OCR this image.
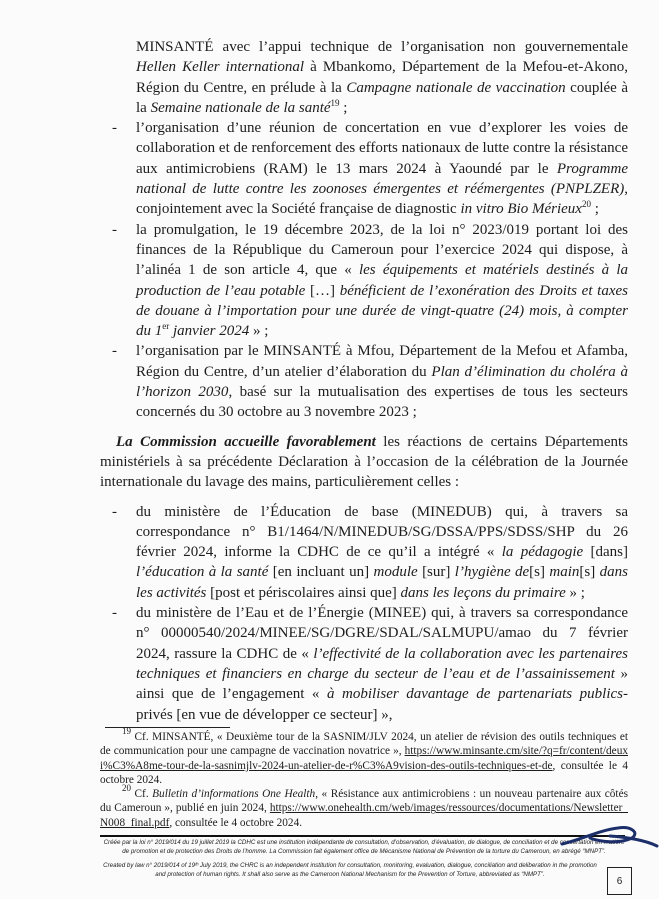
MINSANTÉ avec l’appui technique de l’organisation non gouvernementale Hellen Keller international à Mbankomo, Département de la Mefou-et-Akono, Région du Centre, en prélude à la Campagne nationale de vaccination couplée à la Semaine nationale de la santé$^{19}$ ;
- l’organisation d’une réunion de concertation en vue d’explorer les voies de collaboration et de renforcement des efforts nationaux de lutte contre la résistance aux antimicrobiens (RAM) le 13 mars 2024 à Yaoundé par le Programme national de lutte contre les zoonoses émergentes et réémergentes (PNPLZER), conjointement avec la Société française de diagnostic in vitro Bio Mérieux$^{20}$ ;
- la promulgation, le 19 décembre 2023, de la loi n° 2023/019 portant loi des finances de la République du Cameroun pour l’exercice 2024 qui dispose, à l’alinéa 1 de son article 4, que « les équipements et matériels destinés à la production de l’eau potable […] bénéficient de l’exonération des Droits et taxes de douane à l’importation pour une durée de vingt-quatre (24) mois, à compter du 1er janvier 2024 » ;
- l’organisation par le MINSANTÉ à Mfou, Département de la Mefou et Afamba, Région du Centre, d’un atelier d’élaboration du Plan d’élimination du choléra à l’horizon 2030, basé sur la mutualisation des expertises de tous les secteurs concernés du 30 octobre au 3 novembre 2023 ;
La Commission accueille favorablement les réactions de certains Départements ministériels à sa précédente Déclaration à l’occasion de la célébration de la Journée internationale du lavage des mains, particulièrement celles :
- du ministère de l’Éducation de base (MINEDUB) qui, à travers sa correspondance n° B1/1464/N/MINEDUB/SG/DSSA/PPS/SDSS/SHP du 26 février 2024, informe la CDHC de ce qu’il a intégré « la pédagogie [dans] l’éducation à la santé [en incluant un] module [sur] l’hygiène de[s] main[s] dans les activités [post et périscolaires ainsi que] dans les leçons du primaire » ;
- du ministère de l’Eau et de l’Énergie (MINEE) qui, à travers sa correspondance n° 00000540/2024/MINEE/SG/DGRE/SDAL/SALMUPU/amao du 7 février 2024, rassure la CDHC de « l’effectivité de la collaboration avec les partenaires techniques et financiers en charge du secteur de l’eau et de l’assainissement » ainsi que de l’engagement « à mobiliser davantage de partenariats publics- privés [en vue de développer ce secteur] »,
$^{19}$ Cf. MINSANTÉ, « Deuxième tour de la SASNIM/JLV 2024, un atelier de révision des outils techniques et de communication pour une campagne de vaccination novatrice », https://www.minsante.cm/site/?q=fr/content/deuxi%C3%A8me-tour-de-la-sasnimjlv-2024-un-atelier-de-r%C3%A9vision-des-outils-techniques-et-de, consultée le 4 octobre 2024.
$^{20}$ Cf. Bulletin d’informations One Health, « Résistance aux antimicrobiens : un nouveau partenaire aux côtés du Cameroun », publié en juin 2024, https://www.onehealth.cm/web/images/ressources/documentations/Newsletter_N008_final.pdf, consultée le 4 octobre 2024.
Créée par la loi n° 2019/014 du 19 juillet 2019 la CDHC est une institution indépendante de consultation, d’observation, d’évaluation, de dialogue, de conciliation et de concertation en matière de promotion et de protection des Droits de l’homme. La Commission fait également office de Mécanisme National de Prévention de la torture du Cameroun, en abrégé “MNPT”.
Created by law n° 2019/014 of 19ᵗʰ July 2019, the CHRC is an independent institution for consultation, monitoring, evaluation, dialogue, conciliation and deliberation in the promotion and protection of human rights. It shall also serve as the Cameroon National Mechanism for the Prevention of Torture, abbreviated as “NMPT”.
6
